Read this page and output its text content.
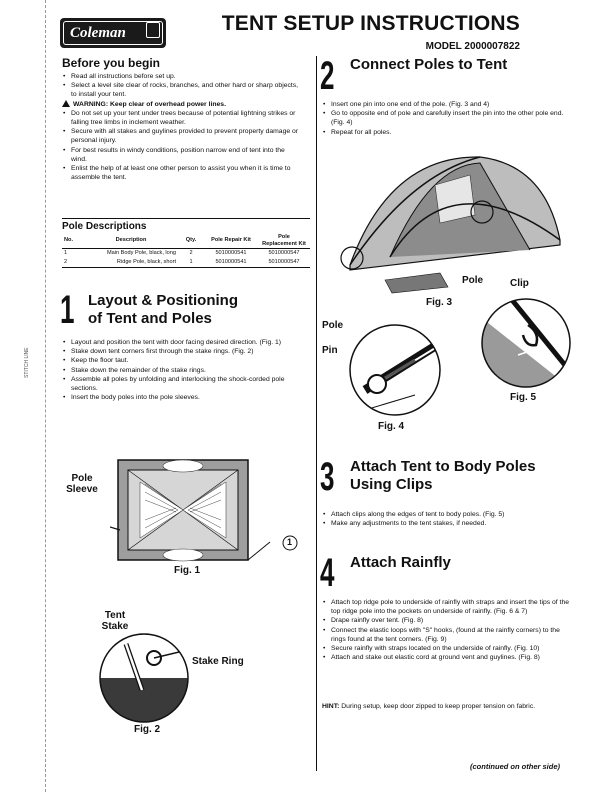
STITCH LINE
Coleman	TENT SETUP INSTRUCTIONS
MODEL 2000007822
Before you begin
• Read all instructions before set up.
• Select a level site clear of rocks, branches, and other hard or sharp objects, to install your tent.
WARNING: Keep clear of overhead power lines.
• Do not set up your tent under trees because of potential lightning strikes or falling tree limbs in inclement weather.
• Secure with all stakes and guylines provided to prevent property damage or personal injury.
• For best results in windy conditions, position narrow end of tent into the wind.
• Enlist the help of at least one other person to assist you when it is time to assemble the tent.
Pole Descriptions
No.	Description	Qty.	Pole Repair Kit	Pole Replacement Kit
1	Main Body Pole, black, long	2	5010000541	5010000547
2	Ridge Pole, black, short	1	5010000541	5010000547
1 Layout & Positioning
of Tent and Poles
• Layout and position the tent with door facing desired direction. (Fig. 1)
• Stake down tent corners first through the stake rings. (Fig. 2)
• Keep the floor taut.
• Stake down the remainder of the stake rings.
• Assemble all poles by unfolding and interlocking the shock-corded pole sections.
• Insert the body poles into the pole sleeves.
1
Pole
Sleeve
Fig. 1
Tent
Stake
Stake Ring
Fig. 2
2 Connect Poles to Tent
• Insert one pin into one end of the pole. (Fig. 3 and 4)
• Go to opposite end of pole and carefully insert the pin into the other pole end. (Fig. 4)
• Repeat for all poles.
Fig. 3
Pole	Clip
Pole
Pin
Fig. 4
Fig. 5
3 Attach Tent to Body Poles
Using Clips
• Attach clips along the edges of tent to body poles. (Fig. 5)
• Make any adjustments to the tent stakes, if needed.
4 Attach Rainfly
• Attach top ridge pole to underside of rainfly with straps and insert the tips of the top ridge pole into the pockets on underside of rainfly. (Fig. 6 & 7)
• Drape rainfly over tent. (Fig. 8)
• Connect the elastic loops with "S" hooks, (found at the rainfly corners) to the rings found at the tent corners. (Fig. 9)
• Secure rainfly with straps located on the underside of rainfly. (Fig. 10)
• Attach and stake out elastic cord at ground vent and guylines. (Fig. 8)
HINT: During setup, keep door zipped to keep proper tension on fabric.
(continued on other side)
